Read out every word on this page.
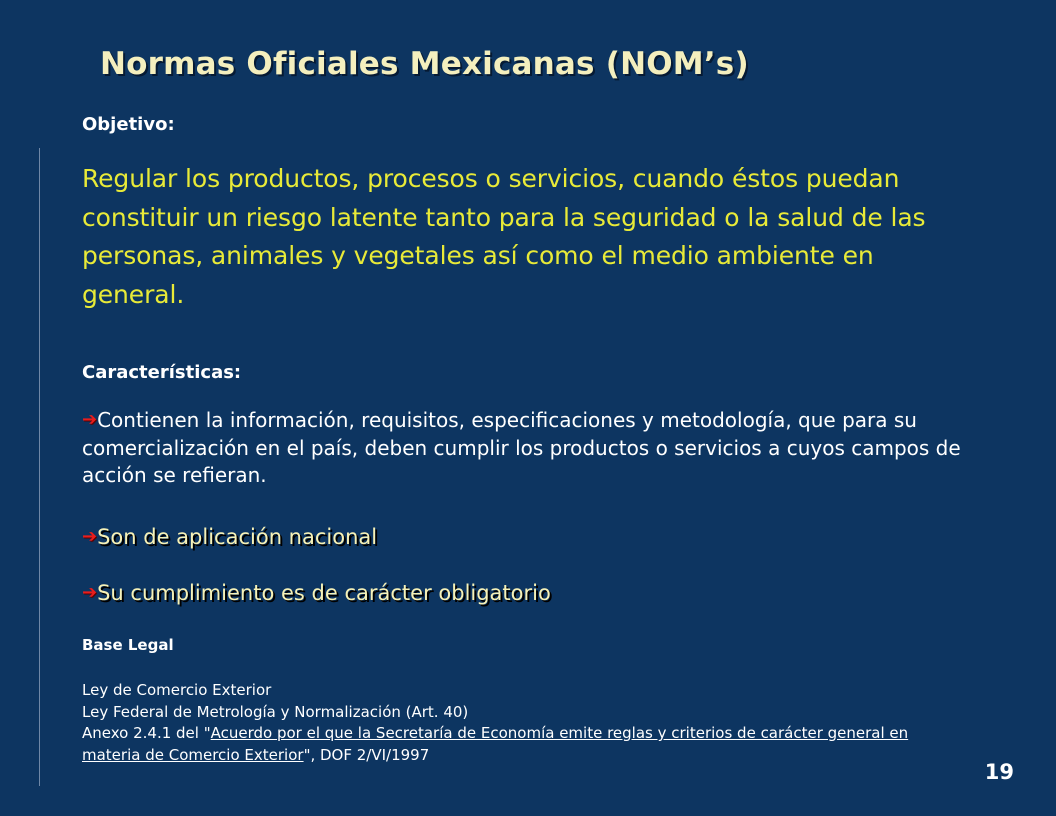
Normas Oficiales Mexicanas (NOM’s)
Objetivo:

Regular los productos, procesos o servicios, cuando éstos puedan constituir un riesgo latente tanto para la seguridad o la salud de las personas, animales y vegetales así como el medio ambiente en general.

Características:

➔Contienen la información, requisitos, especificaciones y metodología, que para su comercialización en el país, deben cumplir los productos o servicios a cuyos campos de acción se refieran.

➔Son de aplicación nacional

➔Su cumplimiento es de carácter obligatorio

Base Legal
Ley de Comercio Exterior
Ley Federal de Metrología y Normalización (Art. 40)
Anexo 2.4.1 del "Acuerdo por el que la Secretaría de Economía emite reglas y criterios de carácter general en materia de Comercio Exterior", DOF 2/VI/1997
19
